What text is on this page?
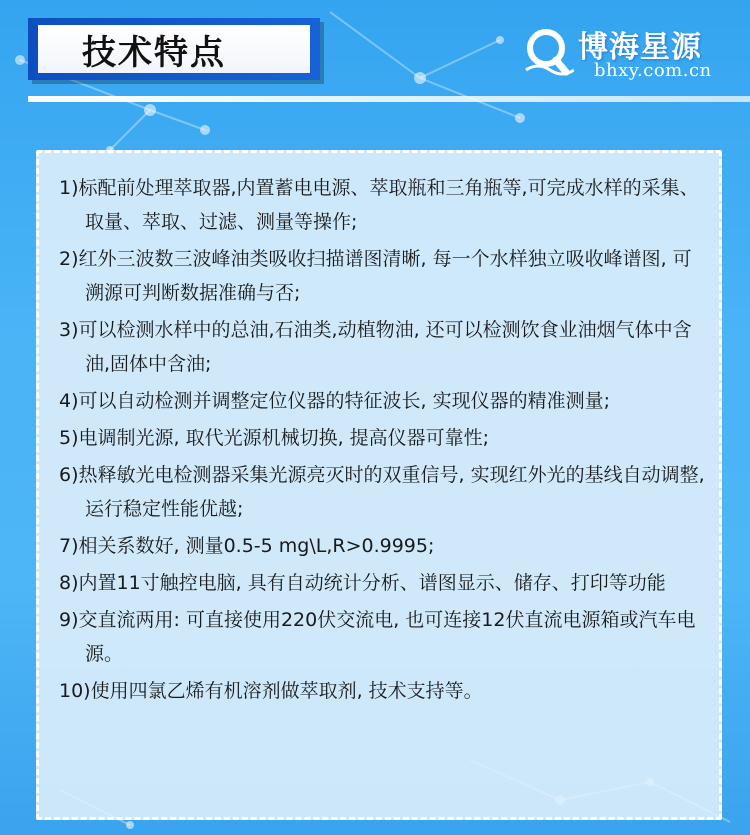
技术特点	博海星源
bhxy.com.cn
1)标配前处理萃取器,内置蓄电电源、萃取瓶和三角瓶等,可完成水样的采集、取量、萃取、过滤、测量等操作;
2)红外三波数三波峰油类吸收扫描谱图清晰, 每一个水样独立吸收峰谱图, 可溯源可判断数据准确与否;
3)可以检测水样中的总油,石油类,动植物油, 还可以检测饮食业油烟气体中含油,固体中含油;
4)可以自动检测并调整定位仪器的特征波长, 实现仪器的精准测量;
5)电调制光源, 取代光源机械切换, 提高仪器可靠性;
6)热释敏光电检测器采集光源亮灭时的双重信号, 实现红外光的基线自动调整, 运行稳定性能优越;
7)相关系数好, 测量0.5-5 mg\L,R>0.9995;
8)内置11寸触控电脑, 具有自动统计分析、谱图显示、储存、打印等功能
9)交直流两用: 可直接使用220伏交流电, 也可连接12伏直流电源箱或汽车电源。
10)使用四氯乙烯有机溶剂做萃取剂, 技术支持等。
